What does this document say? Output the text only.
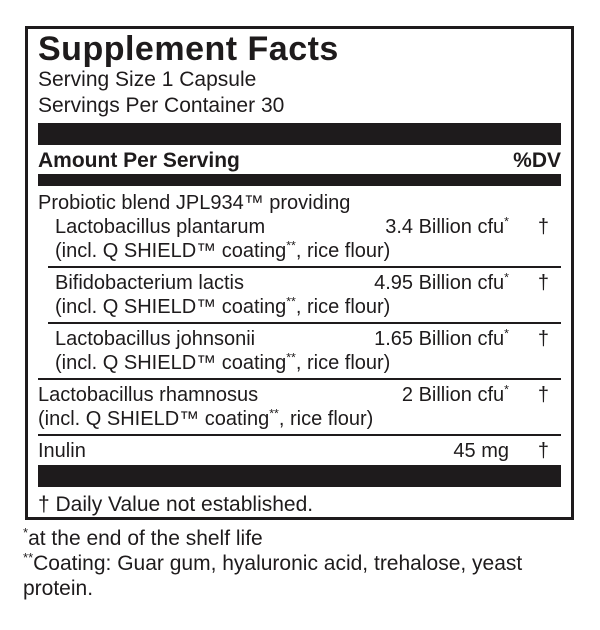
Supplement Facts
Serving Size 1 Capsule
Servings Per Container 30
Amount Per Serving	%DV
Probiotic blend JPL934™ providing
Lactobacillus plantarum	3.4 Billion cfu*	†
(incl. Q SHIELD™ coating**, rice flour)
Bifidobacterium lactis	4.95 Billion cfu*	†
(incl. Q SHIELD™ coating**, rice flour)
Lactobacillus johnsonii	1.65 Billion cfu*	†
(incl. Q SHIELD™ coating**, rice flour)
Lactobacillus rhamnosus	2 Billion cfu*	†
(incl. Q SHIELD™ coating**, rice flour)
Inulin	45 mg	†
† Daily Value not established.
*at the end of the shelf life
**Coating: Guar gum, hyaluronic acid, trehalose, yeast protein.
